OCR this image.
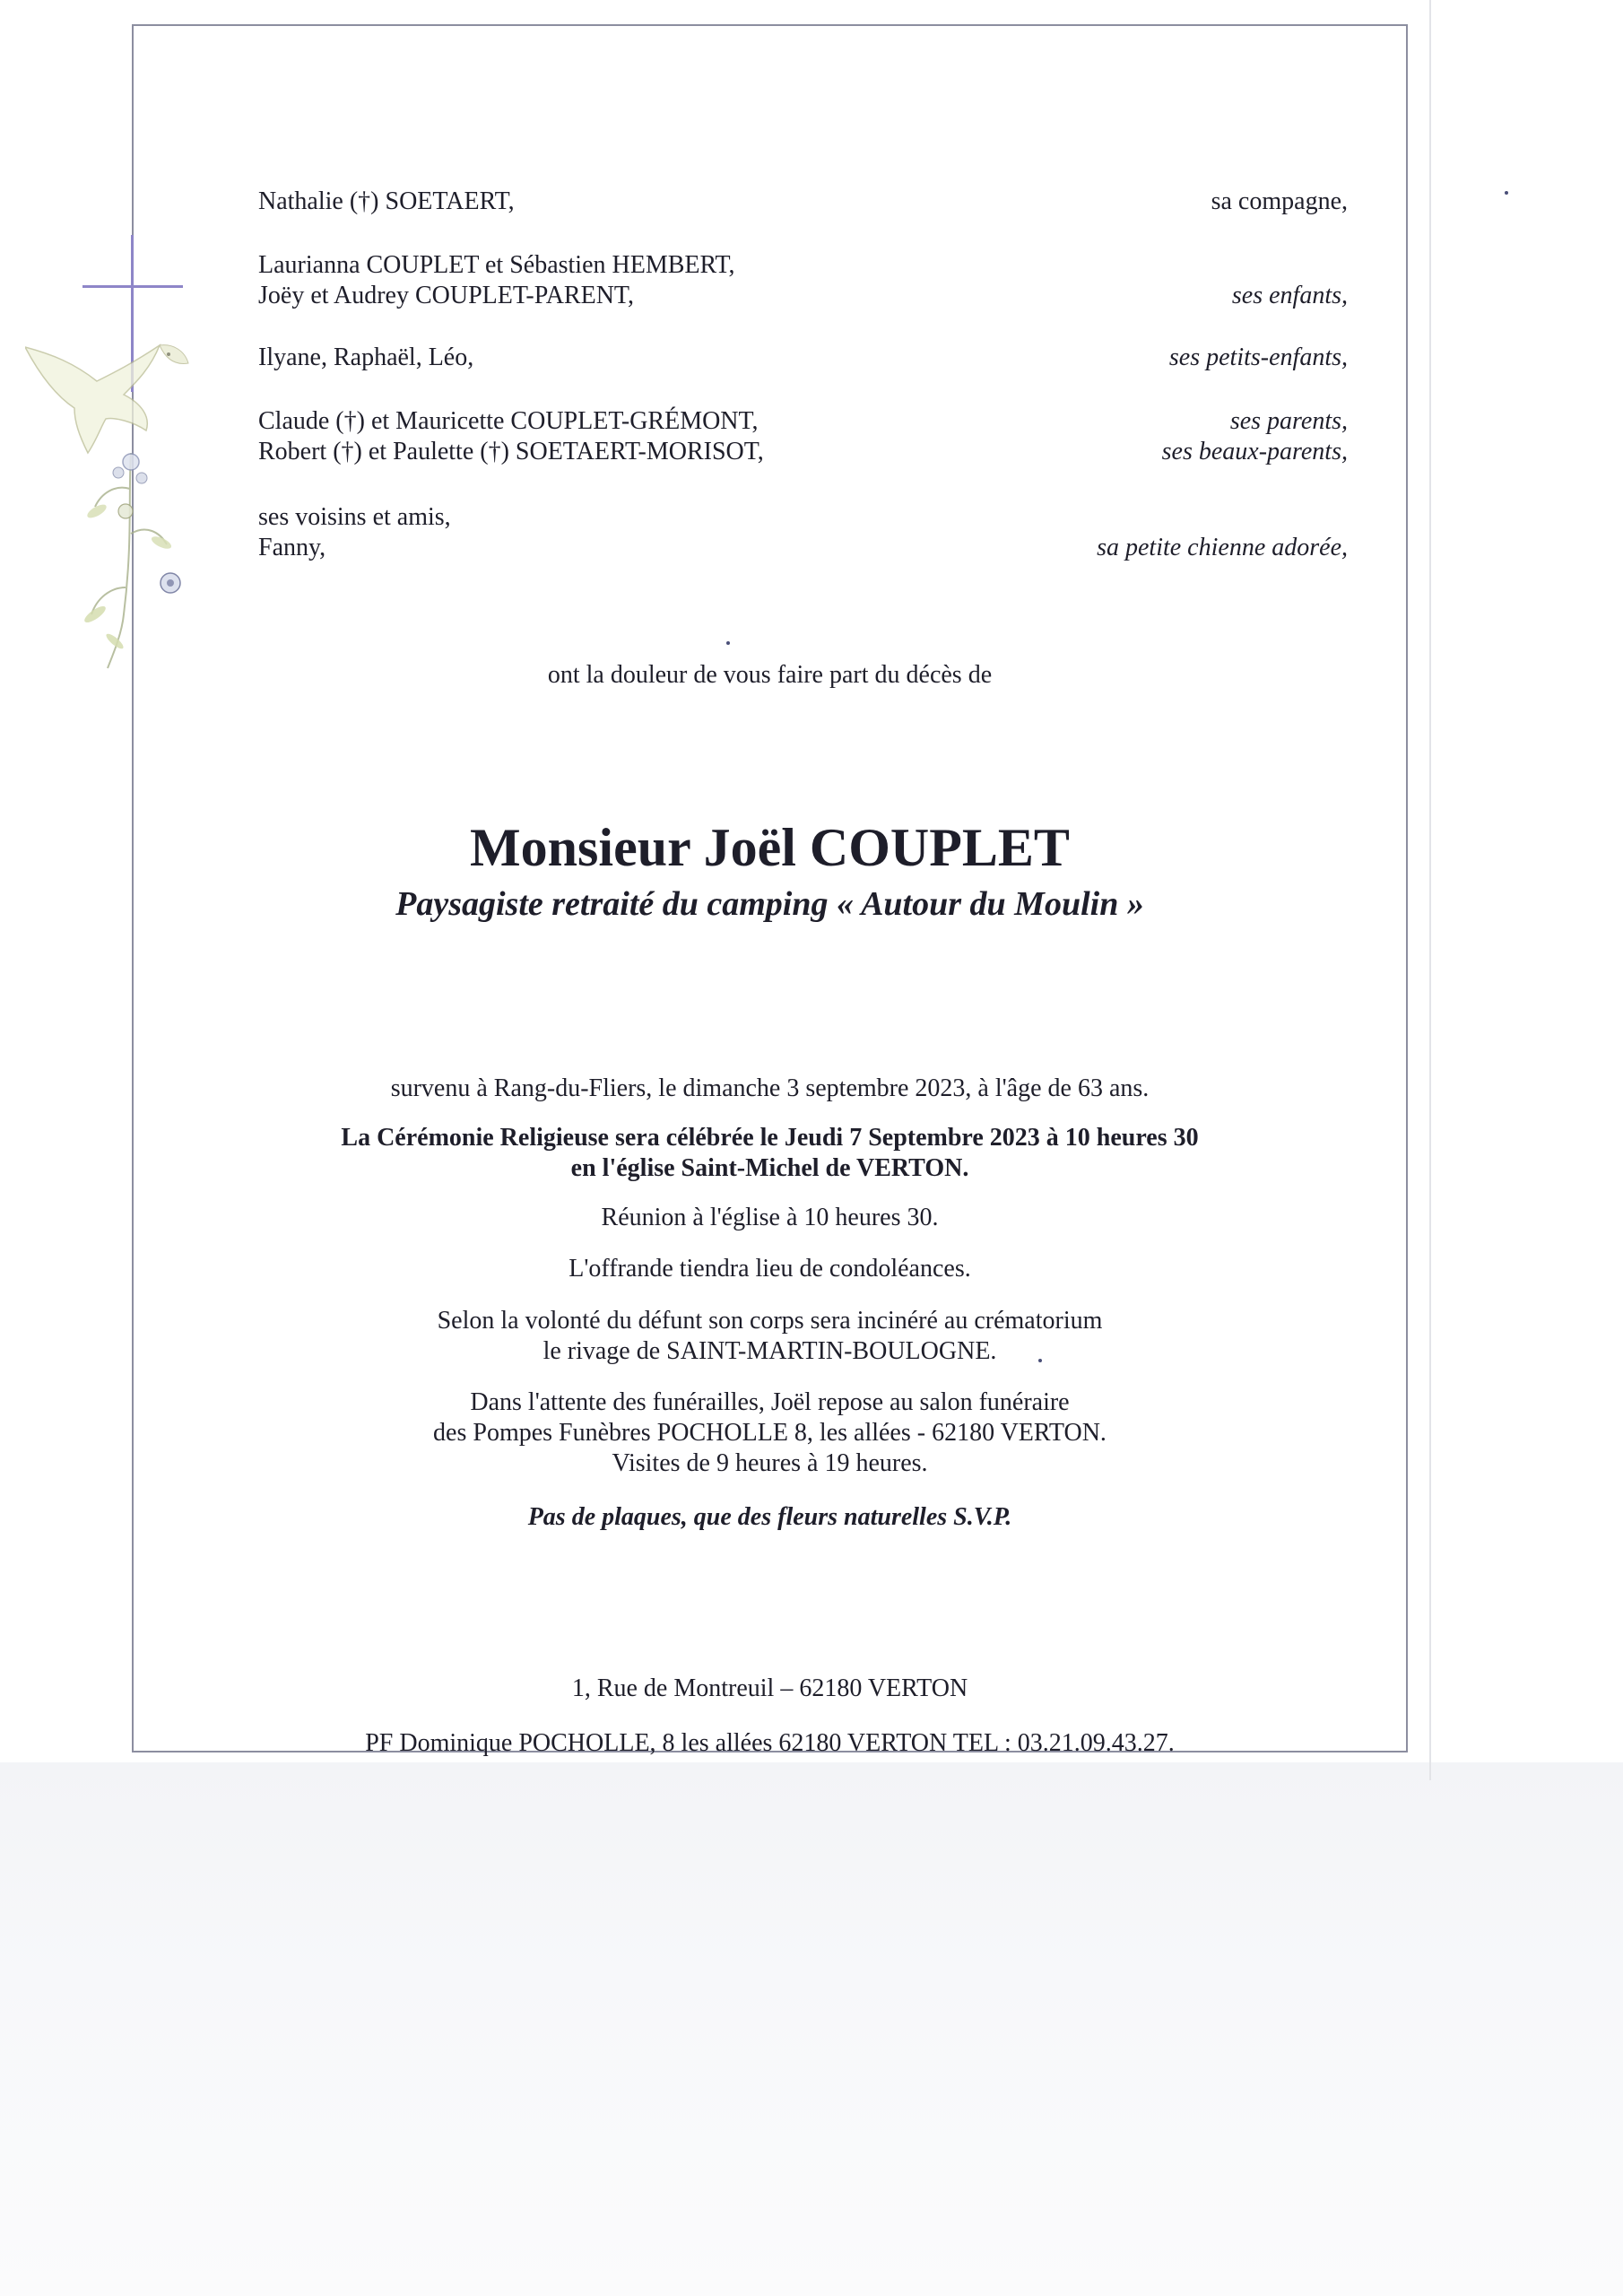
Nathalie (†) SOETAERT,	sa compagne,
Laurianna COUPLET et Sébastien HEMBERT,
Joëy et Audrey COUPLET-PARENT,	ses enfants,
Ilyane, Raphaël, Léo,	ses petits-enfants,
Claude (†) et Mauricette COUPLET-GRÉMONT,	ses parents,
Robert (†) et Paulette (†) SOETAERT-MORISOT,	ses beaux-parents,
ses voisins et amis,
Fanny,	sa petite chienne adorée,
ont la douleur de vous faire part du décès de
Monsieur Joël COUPLET
Paysagiste retraité du camping « Autour du Moulin »
survenu à Rang-du-Fliers, le dimanche 3 septembre 2023, à l'âge de 63 ans.
La Cérémonie Religieuse sera célébrée le Jeudi 7 Septembre 2023 à 10 heures 30
en l'église Saint-Michel de VERTON.
Réunion à l'église à 10 heures 30.
L'offrande tiendra lieu de condoléances.
Selon la volonté du défunt son corps sera incinéré au crématorium
le rivage de SAINT-MARTIN-BOULOGNE.
Dans l'attente des funérailles, Joël repose au salon funéraire
des Pompes Funèbres POCHOLLE 8, les allées - 62180 VERTON.
Visites de 9 heures à 19 heures.
Pas de plaques, que des fleurs naturelles S.V.P.
1, Rue de Montreuil – 62180 VERTON
PF Dominique POCHOLLE, 8 les allées 62180 VERTON TEL : 03.21.09.43.27.
